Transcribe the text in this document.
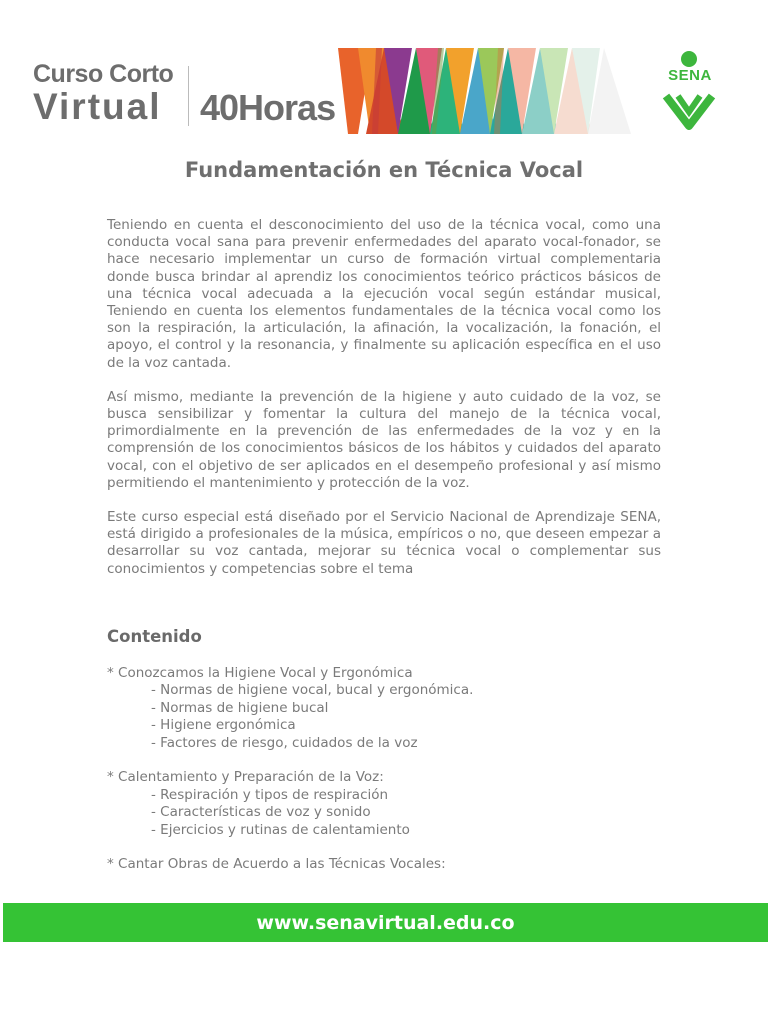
Curso Corto
Virtual 40Horas
SENA
Fundamentación en Técnica Vocal

Teniendo en cuenta el desconocimiento del uso de la técnica vocal, como una conducta vocal sana para prevenir enfermedades del aparato vocal-fonador, se hace necesario implementar un curso de formación virtual complementaria donde busca brindar al aprendiz los conocimientos teórico prácticos básicos de una técnica vocal adecuada a la ejecución vocal según estándar musical, Teniendo en cuenta los elementos fundamentales de la técnica vocal como los son la respiración, la articulación, la afinación, la vocalización, la fonación, el apoyo, el control y la resonancia, y finalmente su aplicación específica en el uso de la voz cantada.

Así mismo, mediante la prevención de la higiene y auto cuidado de la voz, se busca sensibilizar y fomentar la cultura del manejo de la técnica vocal, primordialmente en la prevención de las enfermedades de la voz y en la comprensión de los conocimientos básicos de los hábitos y cuidados del aparato vocal, con el objetivo de ser aplicados en el desempeño profesional y así mismo permitiendo el mantenimiento y protección de la voz.

Este curso especial está diseñado por el Servicio Nacional de Aprendizaje SENA, está dirigido a profesionales de la música, empíricos o no, que deseen empezar a desarrollar su voz cantada, mejorar su técnica vocal o complementar sus conocimientos y competencias sobre el tema

Contenido
* Conozcamos la Higiene Vocal y Ergonómica
- Normas de higiene vocal, bucal y ergonómica.
- Normas de higiene bucal
- Higiene ergonómica
- Factores de riesgo, cuidados de la voz
* Calentamiento y Preparación de la Voz:
- Respiración y tipos de respiración
- Características de voz y sonido
- Ejercicios y rutinas de calentamiento
* Cantar Obras de Acuerdo a las Técnicas Vocales:
www.senavirtual.edu.co
